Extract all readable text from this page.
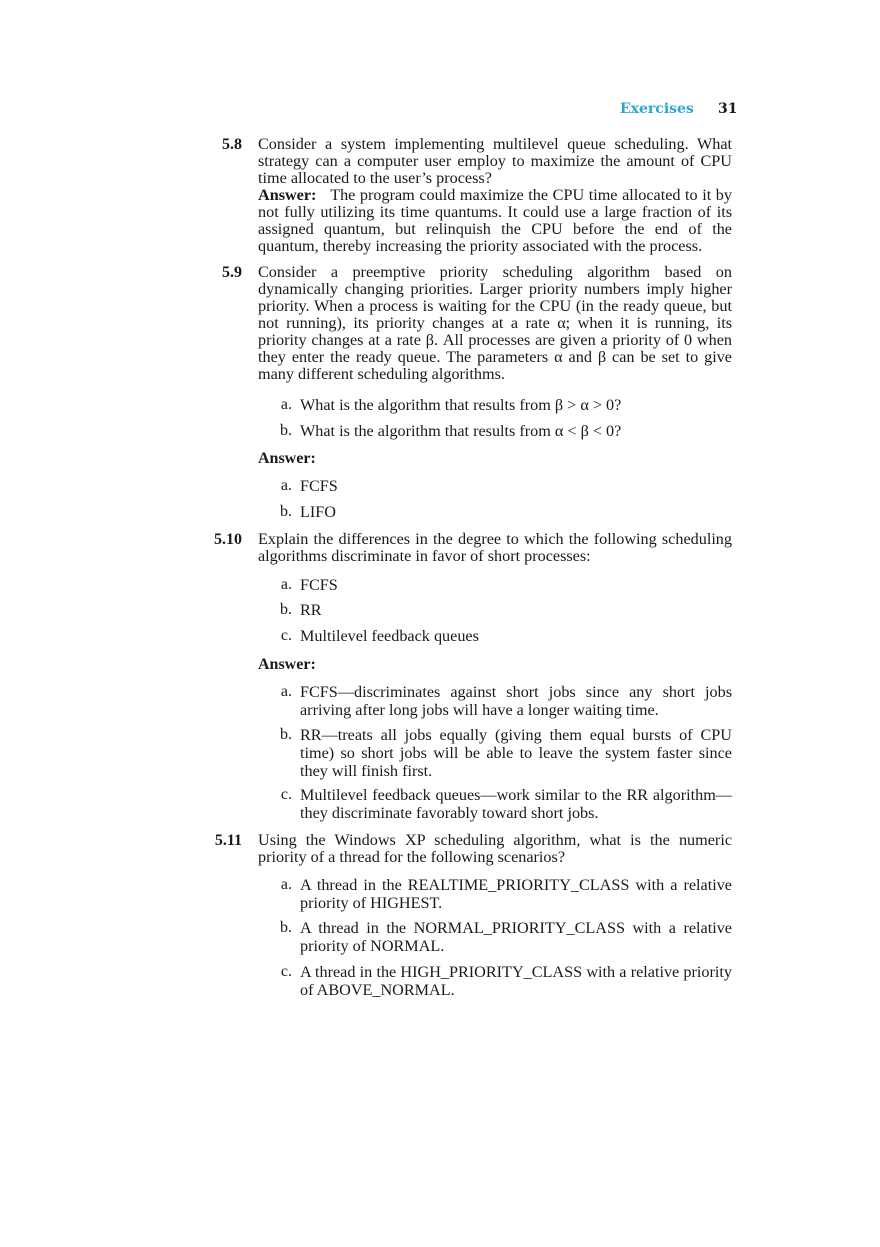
Exercises 31
5.8 Consider a system implementing multilevel queue scheduling. What strategy can a computer user employ to maximize the amount of CPU time allocated to the user’s process?

Answer: The program could maximize the CPU time allocated to it by not fully utilizing its time quantums. It could use a large fraction of its assigned quantum, but relinquish the CPU before the end of the quantum, thereby increasing the priority associated with the process.

5.9 Consider a preemptive priority scheduling algorithm based on dynamically changing priorities. Larger priority numbers imply higher priority. When a process is waiting for the CPU (in the ready queue, but not running), its priority changes at a rate α; when it is running, its priority changes at a rate β. All processes are given a priority of 0 when they enter the ready queue. The parameters α and β can be set to give many different scheduling algorithms.

a. What is the algorithm that results from β > α > 0?
b. What is the algorithm that results from α < β < 0?
Answer:
a. FCFS
b. LIFO
5.10 Explain the differences in the degree to which the following scheduling algorithms discriminate in favor of short processes:

a. FCFS
b. RR
c. Multilevel feedback queues
Answer:
a. FCFS—discriminates against short jobs since any short jobs arriving after long jobs will have a longer waiting time.
b. RR—treats all jobs equally (giving them equal bursts of CPU time) so short jobs will be able to leave the system faster since they will finish first.
c. Multilevel feedback queues—work similar to the RR algorithm—they discriminate favorably toward short jobs.
5.11 Using the Windows XP scheduling algorithm, what is the numeric priority of a thread for the following scenarios?

a. A thread in the REALTIME_PRIORITY_CLASS with a relative priority of HIGHEST.
b. A thread in the NORMAL_PRIORITY_CLASS with a relative priority of NORMAL.
c. A thread in the HIGH_PRIORITY_CLASS with a relative priority of ABOVE_NORMAL.
